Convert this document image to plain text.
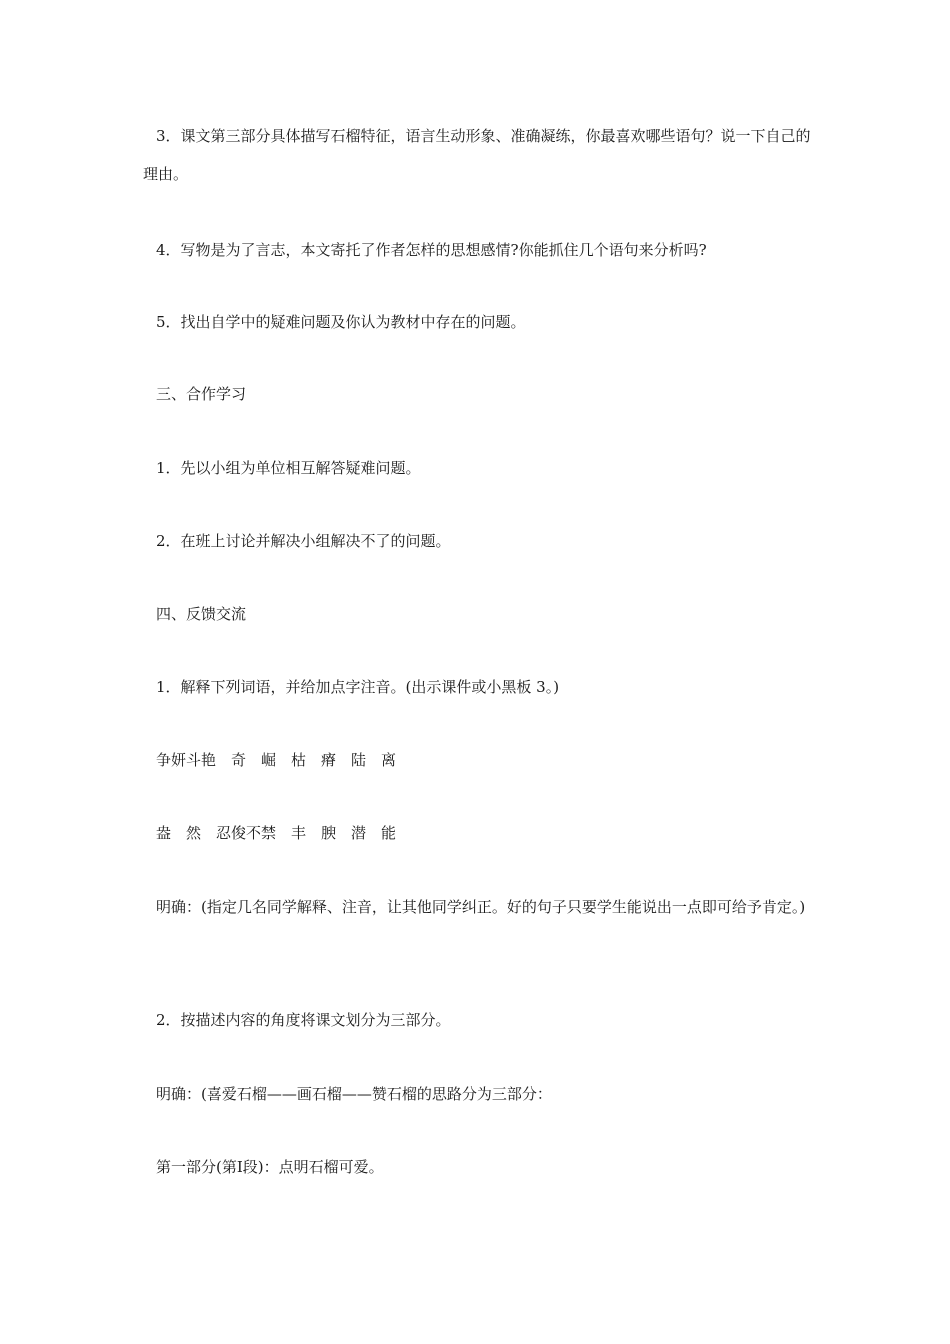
3．课文第三部分具体描写石榴特征，语言生动形象、准确凝练，你最喜欢哪些语句？说一下自己的理由。
4．写物是为了言志，本文寄托了作者怎样的思想感情?你能抓住几个语句来分析吗?
5．找出自学中的疑难问题及你认为教材中存在的问题。
三、合作学习
1．先以小组为单位相互解答疑难问题。
2．在班上讨论并解决小组解决不了的问题。
四、反馈交流
1．解释下列词语，并给加点字注音。(出示课件或小黑板 3。)
争妍斗艳　奇　崛　枯　瘠　陆　离
盎　然　忍俊不禁　丰　腴　潜　能
明确：(指定几名同学解释、注音，让其他同学纠正。好的句子只要学生能说出一点即可给予肯定。)
2．按描述内容的角度将课文划分为三部分。
明确：(喜爱石榴——画石榴——赞石榴的思路分为三部分：
第一部分(第Ⅰ段)：点明石榴可爱。
